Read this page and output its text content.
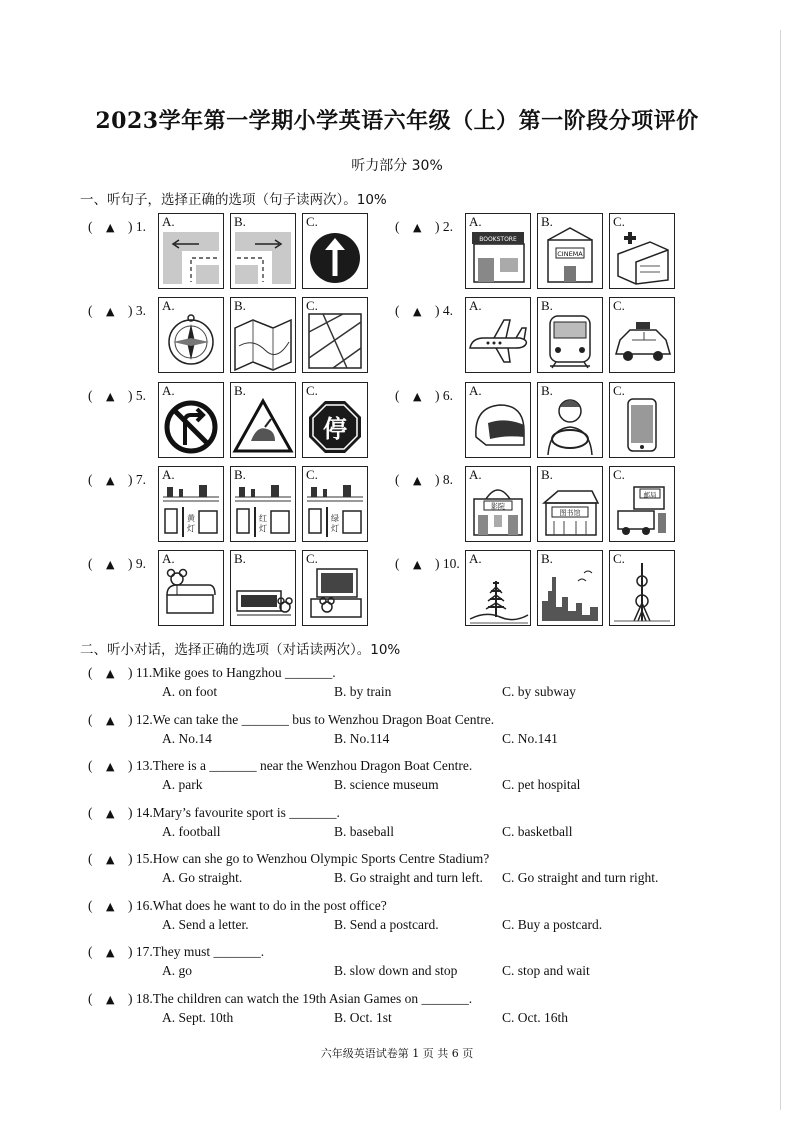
2023学年第一学期小学英语六年级（上）第一阶段分项评价
听力部分 30%
一、听句子，选择正确的选项（句子读两次）。10%
(　▲　) 1. A.	B.	C.	(　▲　) 2.
BOOKSTORE
A.
CINEMA
B.	C.
(　▲　) 3. A.	B.	C.	(　▲　) 4. A.	B.	C.
(　▲　) 5. A.	B.
停
C.	(　▲　) 6. A.	B.	C.
(　▲　) 7.
黄
灯
A.
红
灯
B.
绿
灯
C.	(　▲　) 8.
影院
A.
图书馆
B.
邮局
C.
(　▲　) 9. A.	B.	C.	(　▲　) 10. A.	B.	C.
二、听小对话，选择正确的选项（对话读两次）。10%
(　▲　) 11.Mike goes to Hangzhou _______.
A. on foot	B. by train	C. by subway
(　▲　) 12.We can take the _______ bus to Wenzhou Dragon Boat Centre.
A. No.14	B. No.114	C. No.141
(　▲　) 13.There is a _______ near the Wenzhou Dragon Boat Centre.
A. park	B. science museum	C. pet hospital
(　▲　) 14.Mary’s favourite sport is _______.
A. football	B. baseball	C. basketball
(　▲　) 15.How can she go to Wenzhou Olympic Sports Centre Stadium?
A. Go straight.	B. Go straight and turn left. C. Go straight and turn right.
(　▲　) 16.What does he want to do in the post office?
A. Send a letter.	B. Send a postcard.	C. Buy a postcard.
(　▲　) 17.They must _______.
A. go	B. slow down and stop	C. stop and wait
(　▲　) 18.The children can watch the 19th Asian Games on _______.
A. Sept. 10th	B. Oct. 1st	C. Oct. 16th
六年级英语试卷第 1 页 共 6 页
